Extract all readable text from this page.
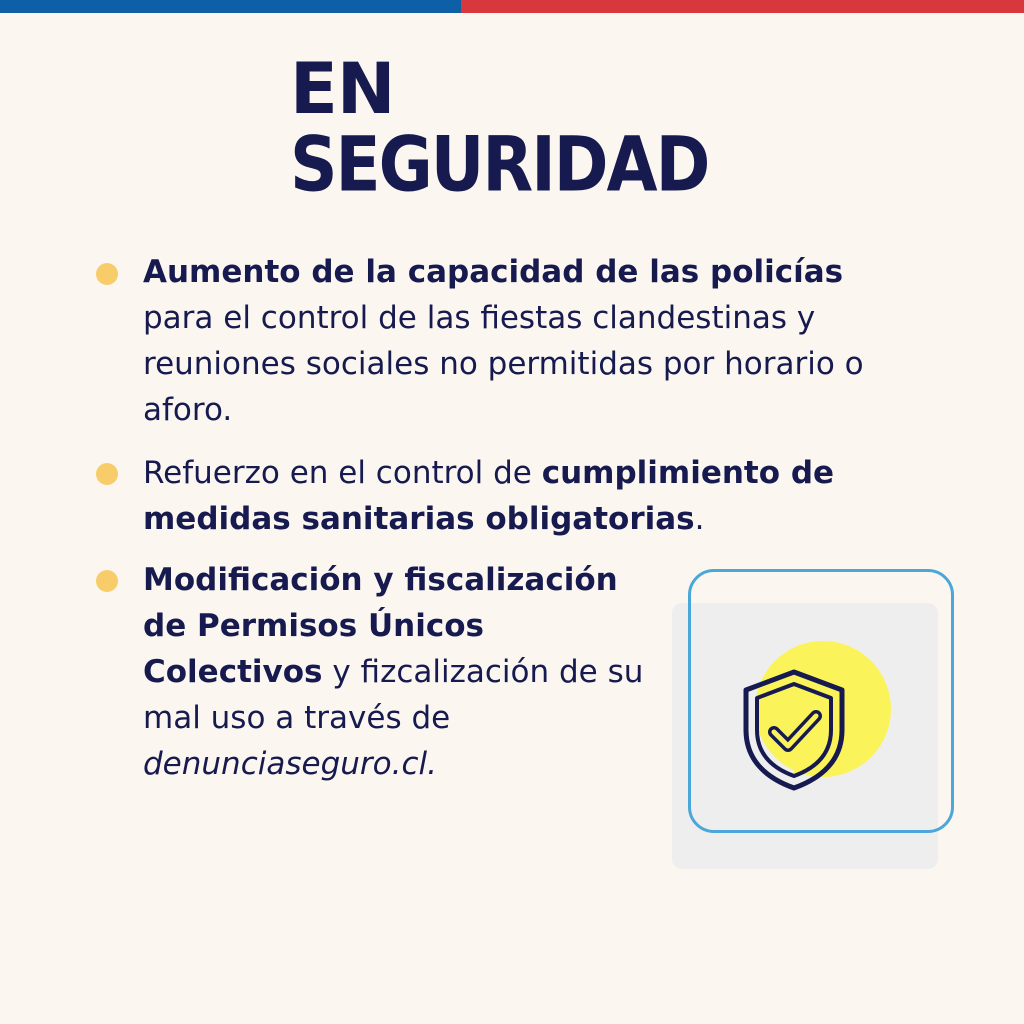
EN
SEGURIDAD

Aumento de la capacidad de las policías para el control de las fiestas clandestinas y reuniones sociales no permitidas por horario o aforo.

Refuerzo en el control de cumplimiento de medidas sanitarias obligatorias.

Modificación y fiscalización de Permisos Únicos Colectivos y fizcalización de su mal uso a través de denunciaseguro.cl.
